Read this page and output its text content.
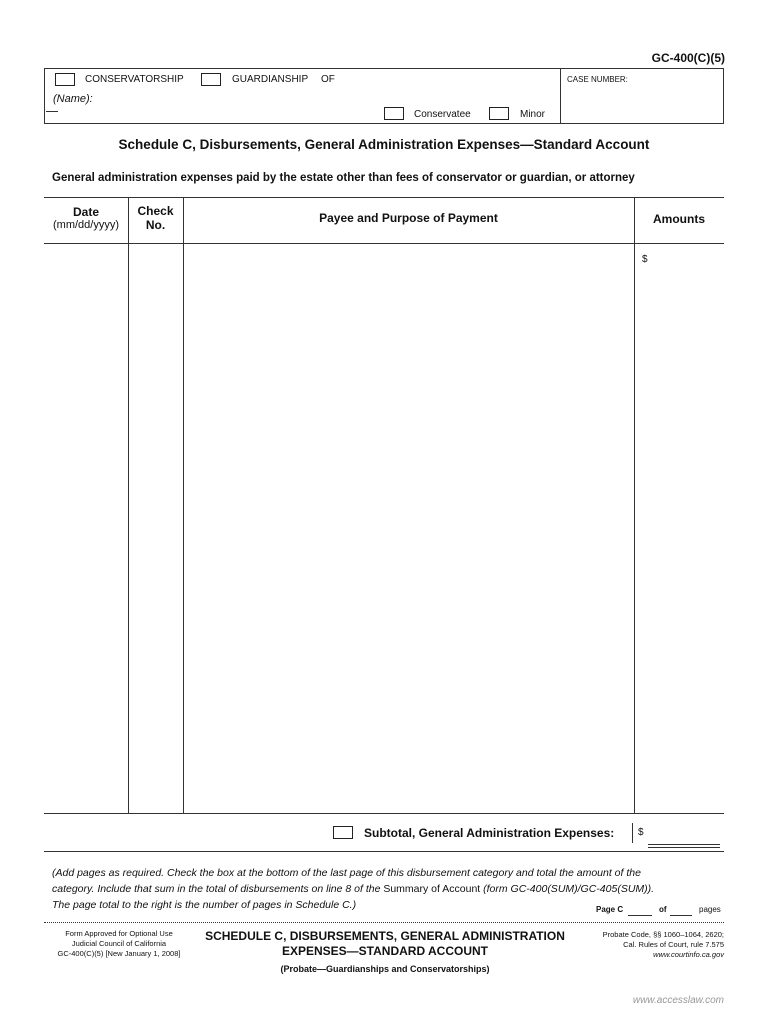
GC-400(C)(5)
CONSERVATORSHIP	GUARDIANSHIP OF
(Name):
Conservatee	Minor
CASE NUMBER:
Schedule C, Disbursements, General Administration Expenses—Standard Account
General administration expenses paid by the estate other than fees of conservator or guardian, or attorney
Date
(mm/dd/yyyy)
Check
No.	Payee and Purpose of Payment	Amounts
$
Subtotal, General Administration Expenses: $
(Add pages as required. Check the box at the bottom of the last page of this disbursement category and total the amount of the
category. Include that sum in the total of disbursements on line 8 of the Summary of Account (form GC-400(SUM)/GC-405(SUM)).
The page total to the right is the number of pages in Schedule C.)	Page C	of	pages
Form Approved for Optional Use
Judicial Council of California
GC-400(C)(5) [New January 1, 2008]
SCHEDULE C, DISBURSEMENTS, GENERAL ADMINISTRATION
EXPENSES—STANDARD ACCOUNT
(Probate—Guardianships and Conservatorships)
Probate Code, §§ 1060–1064, 2620;
Cal. Rules of Court, rule 7.575
www.courtinfo.ca.gov
www.accesslaw.com
